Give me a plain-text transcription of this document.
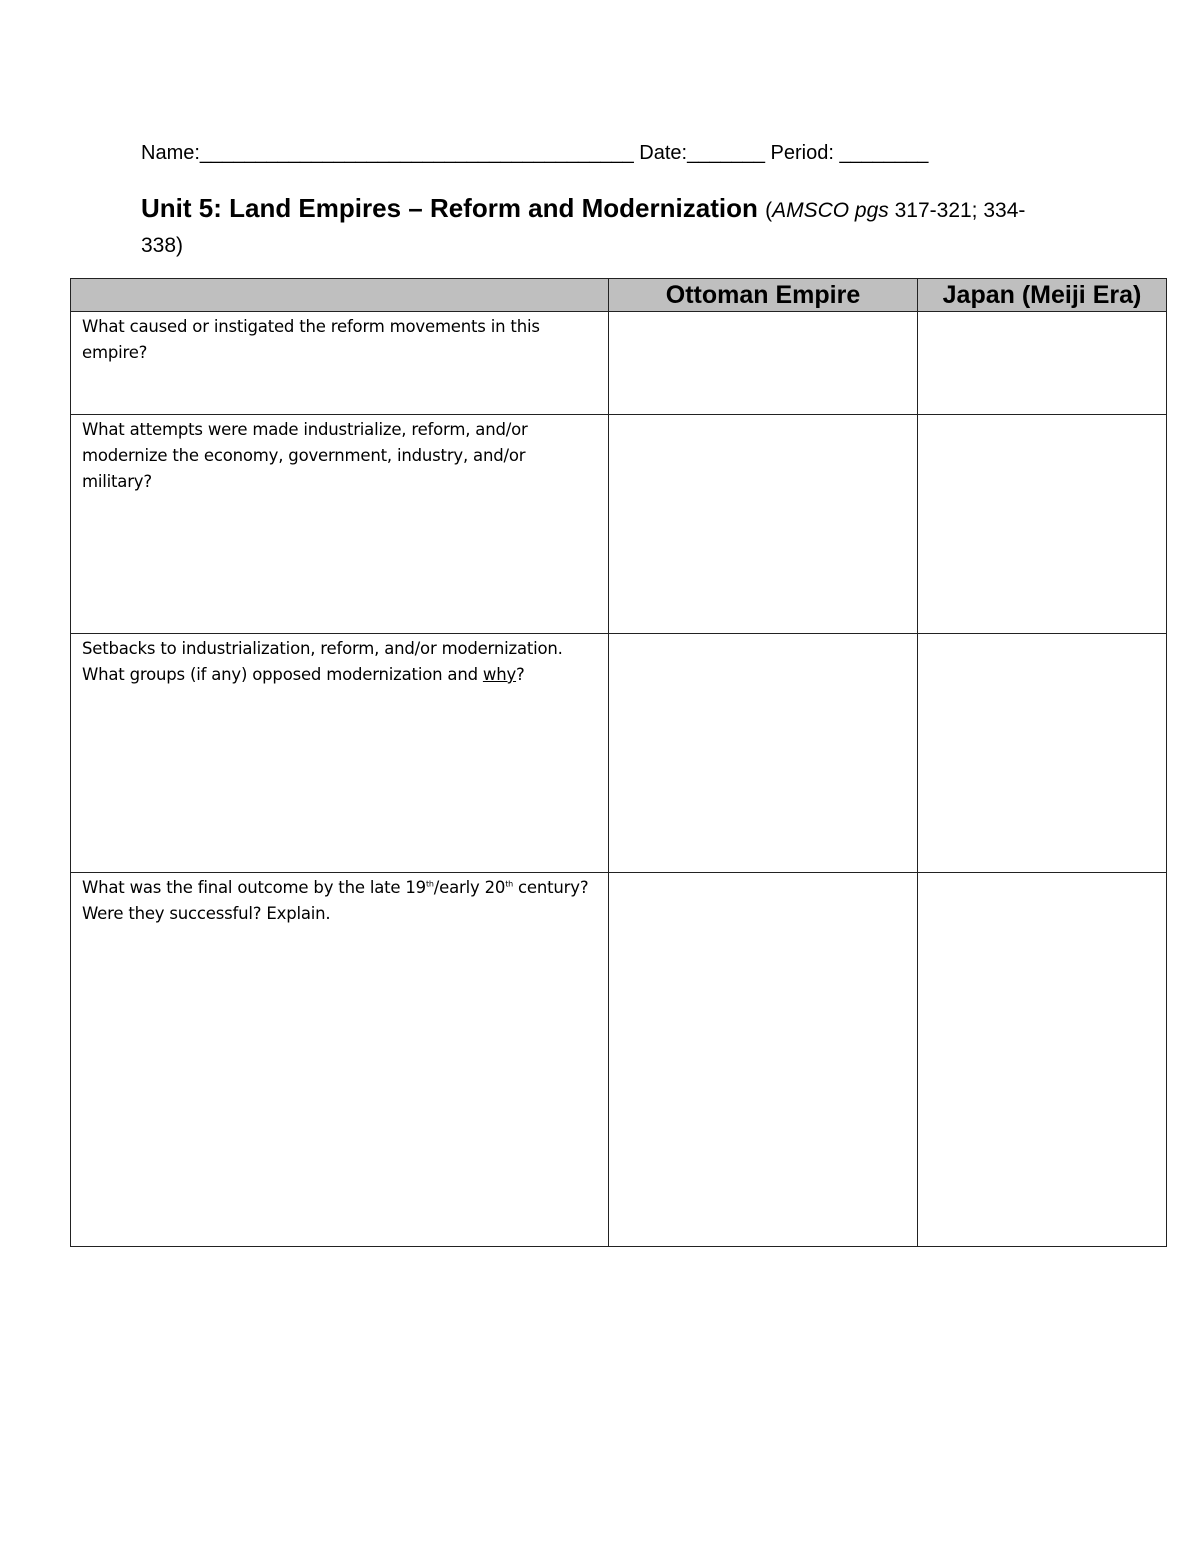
Name:_______________________________________ Date:_______ Period: ________
Unit 5: Land Empires – Reform and Modernization (AMSCO pgs 317-321; 334-338)
	Ottoman Empire	Japan (Meiji Era)

What caused or instigated the reform movements in this empire?		

What attempts were made industrialize, reform, and/or modernize the economy, government, industry, and/or military?		

Setbacks to industrialization, reform, and/or modernization. What groups (if any) opposed modernization and why?		

What was the final outcome by the late 19th/early 20th century? Were they successful? Explain.		
